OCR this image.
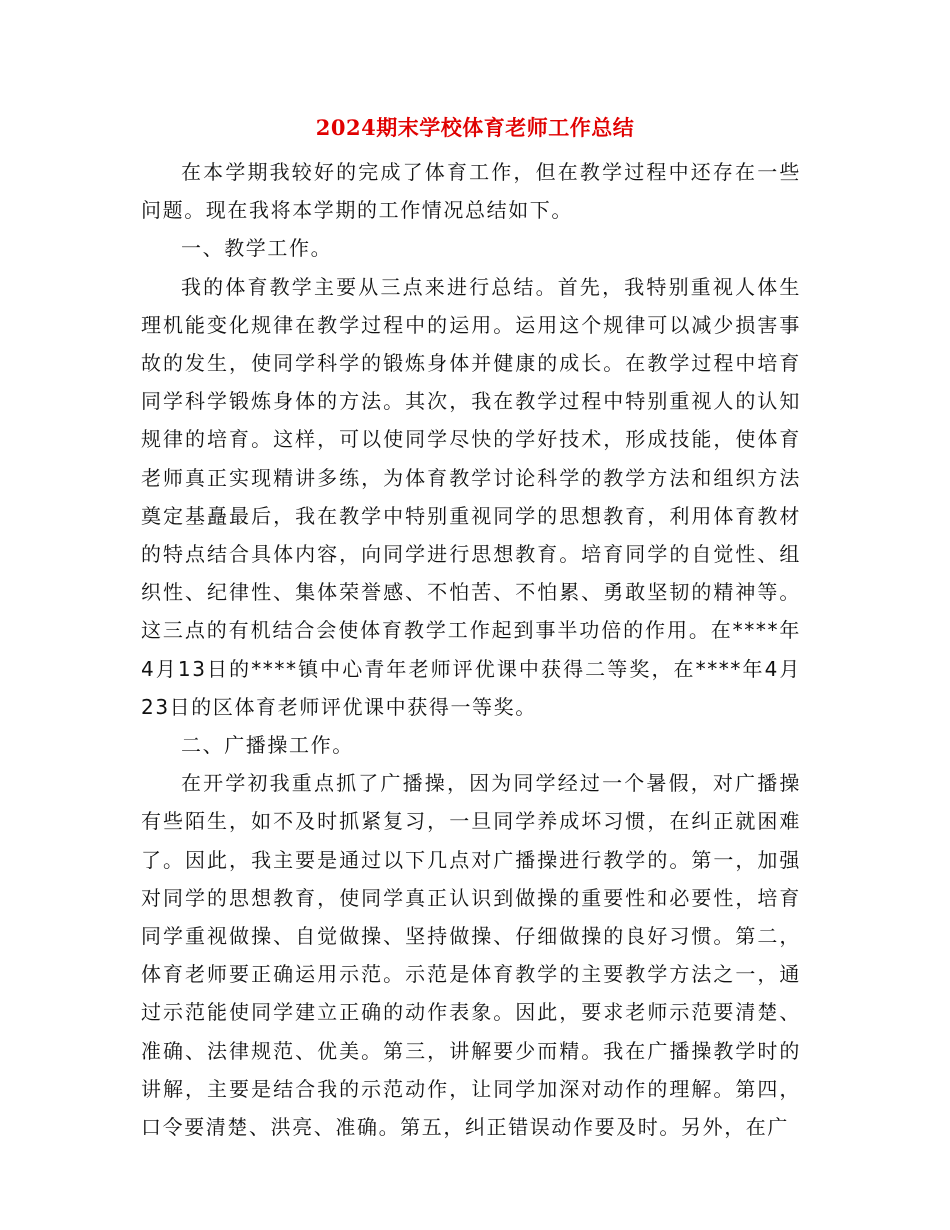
2024期末学校体育老师工作总结

在本学期我较好的完成了体育工作，但在教学过程中还存在一些问题。现在我将本学期的工作情况总结如下。

一、教学工作。

我的体育教学主要从三点来进行总结。首先，我特别重视人体生理机能变化规律在教学过程中的运用。运用这个规律可以减少损害事故的发生，使同学科学的锻炼身体并健康的成长。在教学过程中培育同学科学锻炼身体的方法。其次，我在教学过程中特别重视人的认知规律的培育。这样，可以使同学尽快的学好技术，形成技能，使体育老师真正实现精讲多练，为体育教学讨论科学的教学方法和组织方法奠定基矗最后，我在教学中特别重视同学的思想教育，利用体育教材的特点结合具体内容，向同学进行思想教育。培育同学的自觉性、组织性、纪律性、集体荣誉感、不怕苦、不怕累、勇敢坚韧的精神等。这三点的有机结合会使体育教学工作起到事半功倍的作用。在****年4月13日的****镇中心青年老师评优课中获得二等奖，在****年4月23日的区体育老师评优课中获得一等奖。

二、广播操工作。

在开学初我重点抓了广播操，因为同学经过一个暑假，对广播操有些陌生，如不及时抓紧复习，一旦同学养成坏习惯，在纠正就困难了。因此，我主要是通过以下几点对广播操进行教学的。第一，加强对同学的思想教育，使同学真正认识到做操的重要性和必要性，培育同学重视做操、自觉做操、坚持做操、仔细做操的良好习惯。第二，体育老师要正确运用示范。示范是体育教学的主要教学方法之一，通过示范能使同学建立正确的动作表象。因此，要求老师示范要清楚、准确、法律规范、优美。第三，讲解要少而精。我在广播操教学时的讲解，主要是结合我的示范动作，让同学加深对动作的理解。第四，口令要清楚、洪亮、准确。第五，纠正错误动作要及时。另外，在广
